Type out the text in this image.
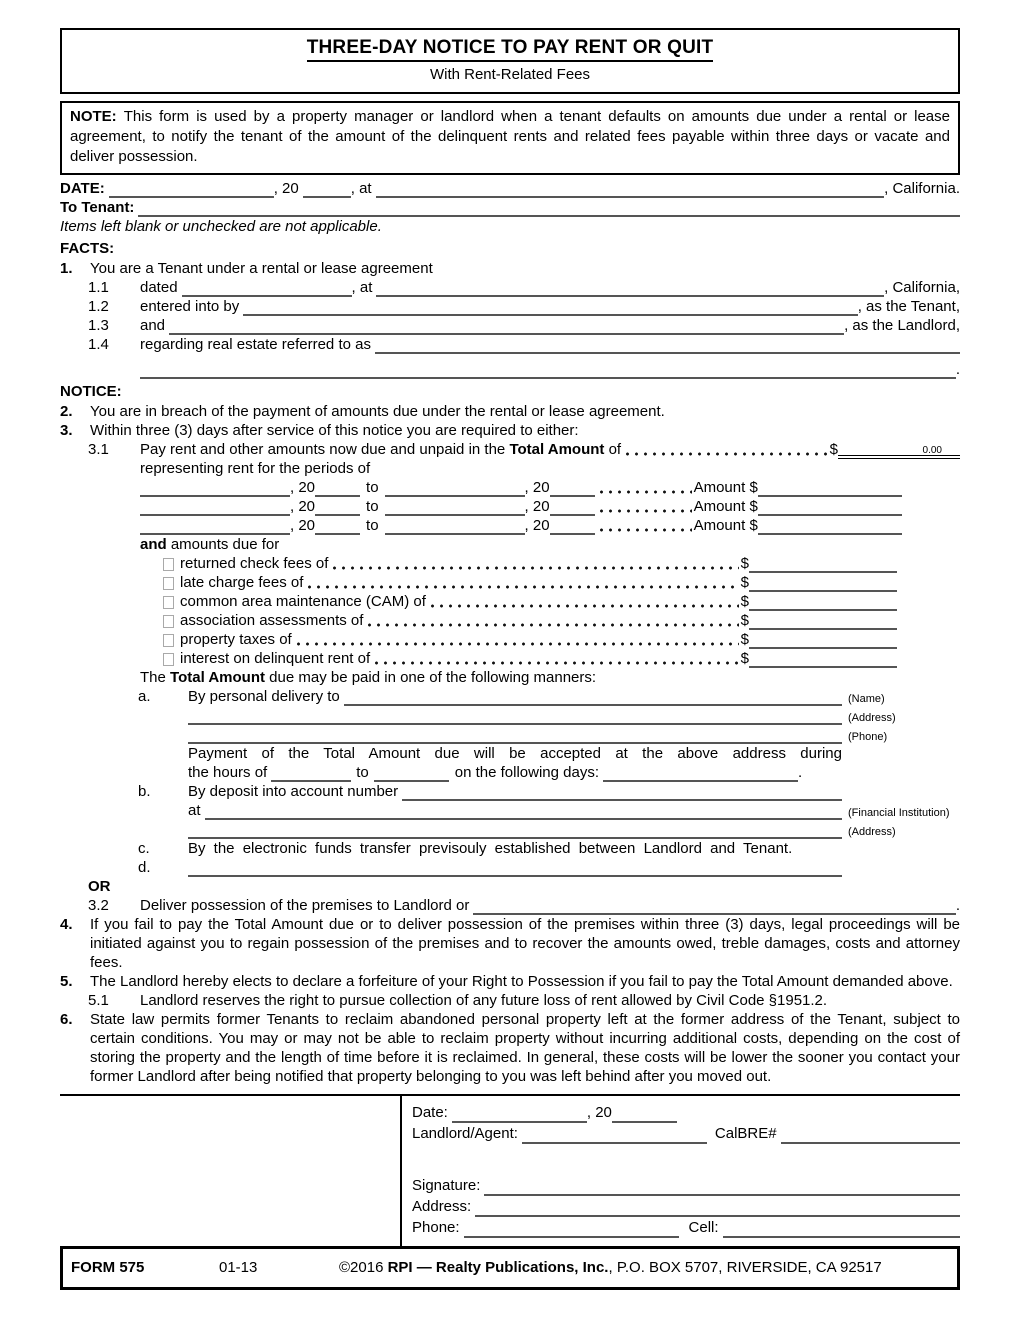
THREE-DAY NOTICE TO PAY RENT OR QUIT
With Rent-Related Fees
NOTE: This form is used by a property manager or landlord when a tenant defaults on amounts due under a rental or lease agreement, to notify the tenant of the amount of the delinquent rents and related fees payable within three days or vacate and deliver possession.
DATE:	, 20	, at	, California.
To Tenant:
Items left blank or unchecked are not applicable.
FACTS:
1.	You are a Tenant under a rental or lease agreement
1.1	dated	, at	, California,
1.2	entered into by	, as the Tenant,
1.3	and	, as the Landlord,
1.4	regarding real estate referred to as
.
NOTICE:
2.	You are in breach of the payment of amounts due under the rental or lease agreement.
3.	Within three (3) days after service of this notice you are required to either:
3.1	Pay rent and other amounts now due and unpaid in the Total Amount of	$	0.00
representing rent for the periods of
, 20	to	, 20	Amount $
, 20	to	, 20	Amount $
, 20	to	, 20	Amount $
and amounts due for
returned check fees of	$
late charge fees of	$
common area maintenance (CAM) of	$
association assessments of	$
property taxes of	$
interest on delinquent rent of	$
The Total Amount due may be paid in one of the following manners:
a.	By personal delivery to	(Name)
(Address)
(Phone)
Payment of the Total Amount due will be accepted at the above address during
the hours of	to	on the following days:	.
b.	By deposit into account number
at	(Financial Institution)
(Address)
c.	By the electronic funds transfer previsouly established between Landlord and Tenant.
d.
OR
3.2	Deliver possession of the premises to Landlord or	.
4.	If you fail to pay the Total Amount due or to deliver possession of the premises within three (3) days, legal proceedings will be initiated against you to regain possession of the premises and to recover the amounts owed, treble damages, costs and attorney fees.
5.	The Landlord hereby elects to declare a forfeiture of your Right to Possession if you fail to pay the Total Amount demanded above.
5.1	Landlord reserves the right to pursue collection of any future loss of rent allowed by Civil Code §1951.2.
6.	State law permits former Tenants to reclaim abandoned personal property left at the former address of the Tenant, subject to certain conditions. You may or may not be able to reclaim property without incurring additional costs, depending on the cost of storing the property and the length of time before it is reclaimed. In general, these costs will be lower the sooner you contact your former Landlord after being notified that property belonging to you was left behind after you moved out.
Date:	, 20
Landlord/Agent:	CalBRE#
Signature:
Address:
Phone:	Cell:
FORM 575	01-13	©2016 RPI — Realty Publications, Inc., P.O. BOX 5707, RIVERSIDE, CA 92517
